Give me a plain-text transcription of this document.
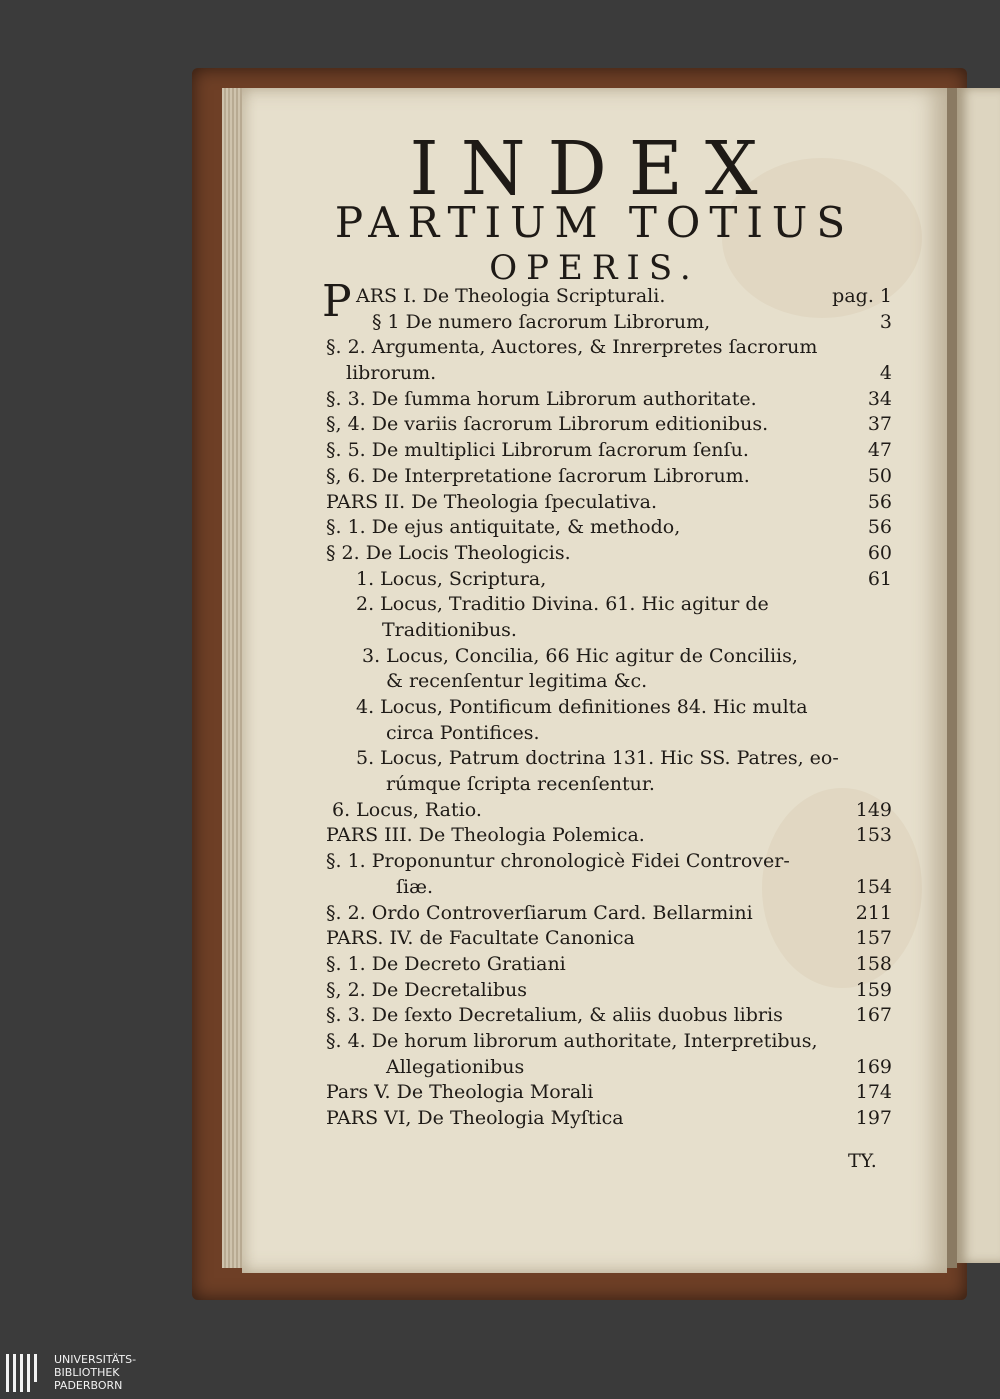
INDEX
PARTIUM TOTIUS
OPERIS.
P ARS I. De Theologia Scripturali.	pag. 1
§ 1 De numero ſacrorum Librorum,	3
§. 2. Argumenta, Auctores, & Inrerpretes ſacrorum
librorum.	4
§. 3. De ſumma horum Librorum authoritate.	34
§, 4. De variis ſacrorum Librorum editionibus.	37
§. 5. De multiplici Librorum ſacrorum ſenſu.	47
§, 6. De Interpretatione ſacrorum Librorum.	50
PARS II. De Theologia ſpeculativa.	56
§. 1. De ejus antiquitate, & methodo,	56
§ 2. De Locis Theologicis.	60
1. Locus, Scriptura,	61
2. Locus, Traditio Divina. 61. Hic agitur de
Traditionibus.
3. Locus, Concilia, 66 Hic agitur de Conciliis,
& recenſentur legitima &c.
4. Locus, Pontificum definitiones 84. Hic multa
circa Pontifices.
5. Locus, Patrum doctrina 131. Hic SS. Patres, eo-
rúmque ſcripta recenſentur.
6. Locus, Ratio.	149
PARS III. De Theologia Polemica.	153
§. 1. Proponuntur chronologicè Fidei Controver-
ſiæ.	154
§. 2. Ordo Controverſiarum Card. Bellarmini	211
PARS. IV. de Facultate Canonica	157
§. 1. De Decreto Gratiani	158
§, 2. De Decretalibus	159
§. 3. De ſexto Decretalium, & aliis duobus libris	167
§. 4. De horum librorum authoritate, Interpretibus,
Allegationibus	169
Pars V. De Theologia Morali	174
PARS VI, De Theologia Myſtica	197
TY.
UNIVERSITÄTS-
BIBLIOTHEK
PADERBORN
